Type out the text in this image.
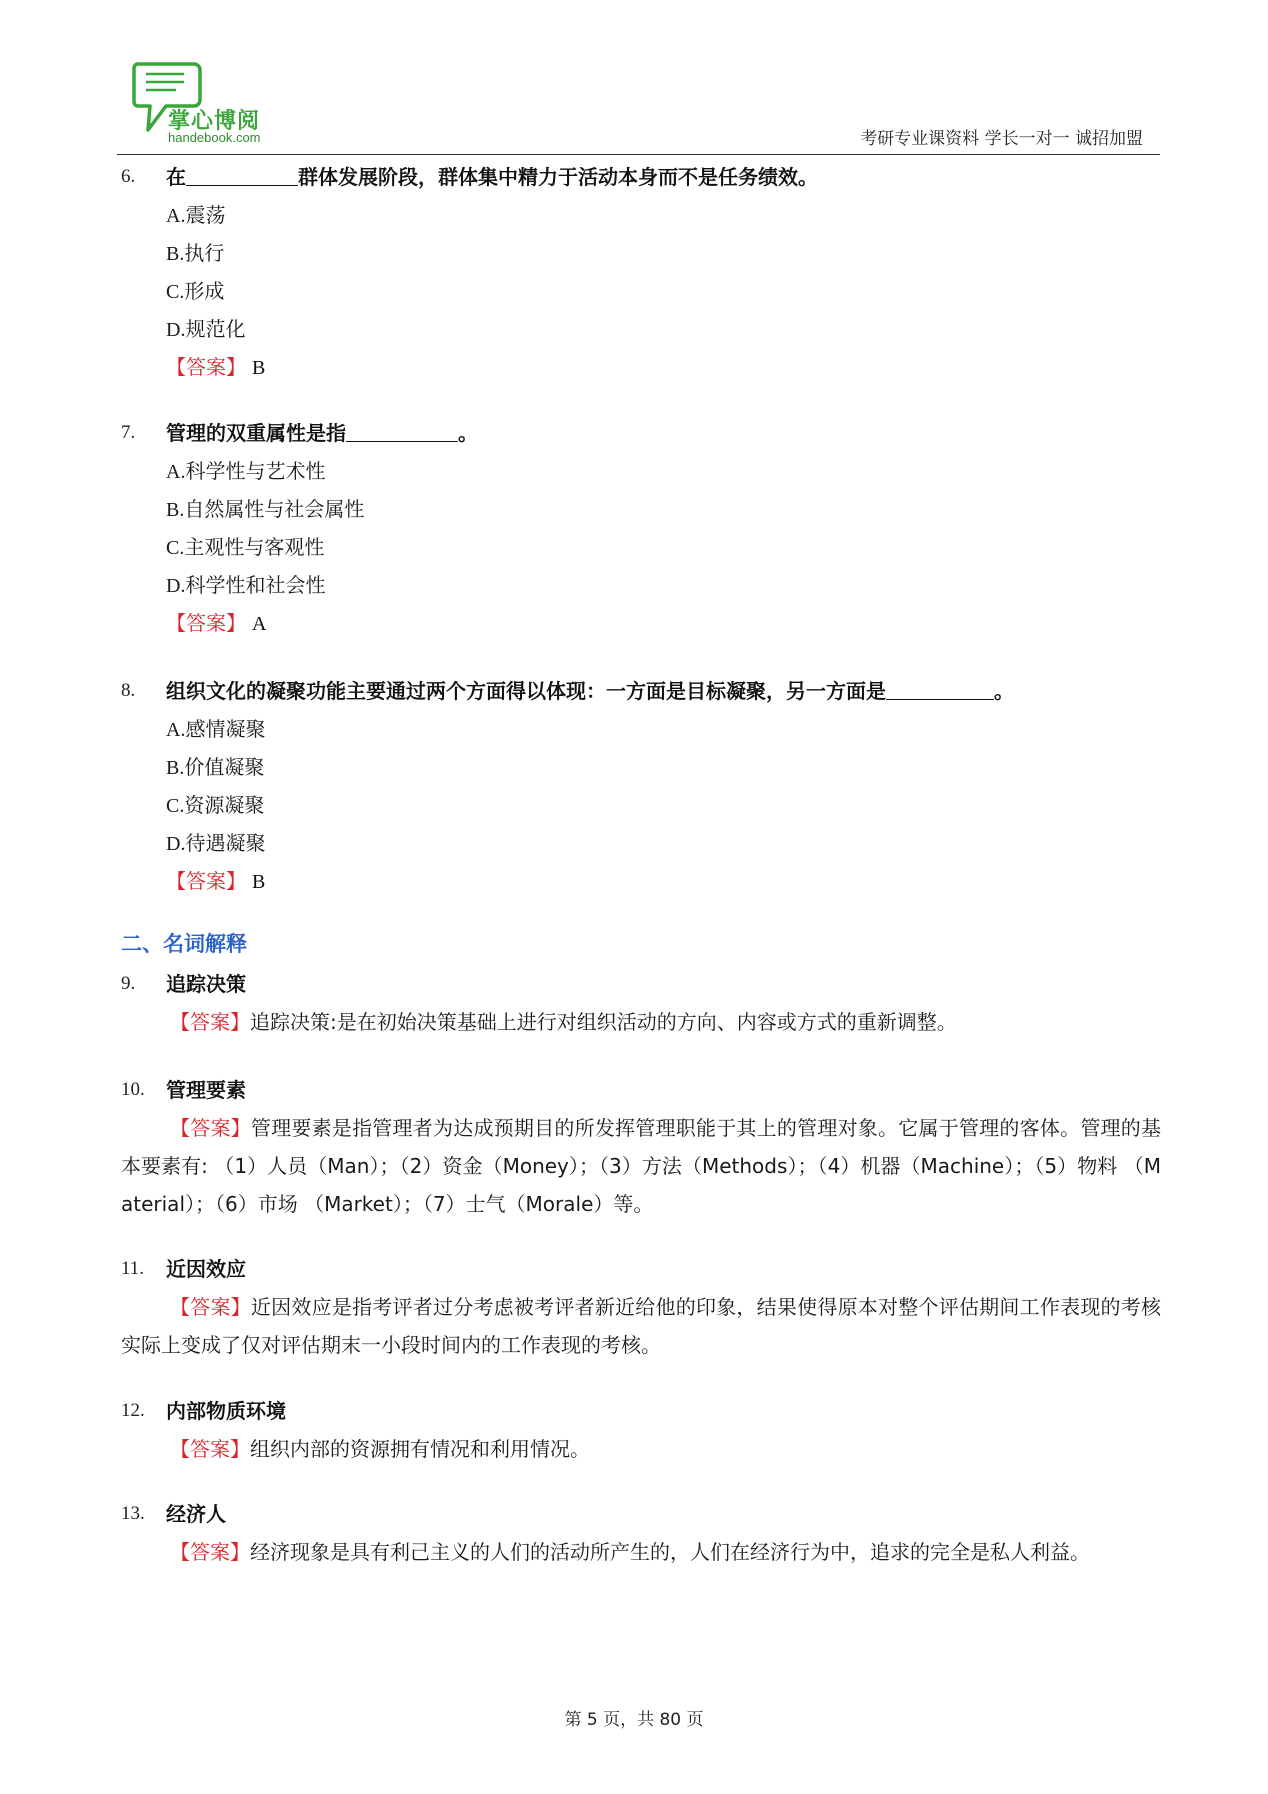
掌心博阅
handebook.com	考研专业课资料 学长一对一 诚招加盟
6. 在	群体发展阶段，群体集中精力于活动本身而不是任务绩效。
A.震荡
B.执行
C.形成
D.规范化
【答案】 B
7. 管理的双重属性是指	。
A.科学性与艺术性
B.自然属性与社会属性
C.主观性与客观性
D.科学性和社会性
【答案】 A
8. 组织文化的凝聚功能主要通过两个方面得以体现：一方面是目标凝聚，另一方面是	。
A.感情凝聚
B.价值凝聚
C.资源凝聚
D.待遇凝聚
【答案】 B
二、名词解释
9. 追踪决策
【答案】追踪决策:是在初始决策基础上进行对组织活动的方向、内容或方式的重新调整。
10. 管理要素
【答案】管理要素是指管理者为达成预期目的所发挥管理职能于其上的管理对象。它属于管理的客体。管理的基本要素有: （1）人员（Man）；（2）资金（Money）；（3）方法（Methods）；（4）机器（Machine）；（5）物料 （Material）；（6）市场 （Market）；（7）士气（Morale）等。
11. 近因效应
【答案】近因效应是指考评者过分考虑被考评者新近给他的印象，结果使得原本对整个评估期间工作表现的考核实际上变成了仅对评估期末一小段时间内的工作表现的考核。
12. 内部物质环境
【答案】组织内部的资源拥有情况和利用情况。
13. 经济人
【答案】经济现象是具有利己主义的人们的活动所产生的，人们在经济行为中，追求的完全是私人利益。
第 5 页，共 80 页
